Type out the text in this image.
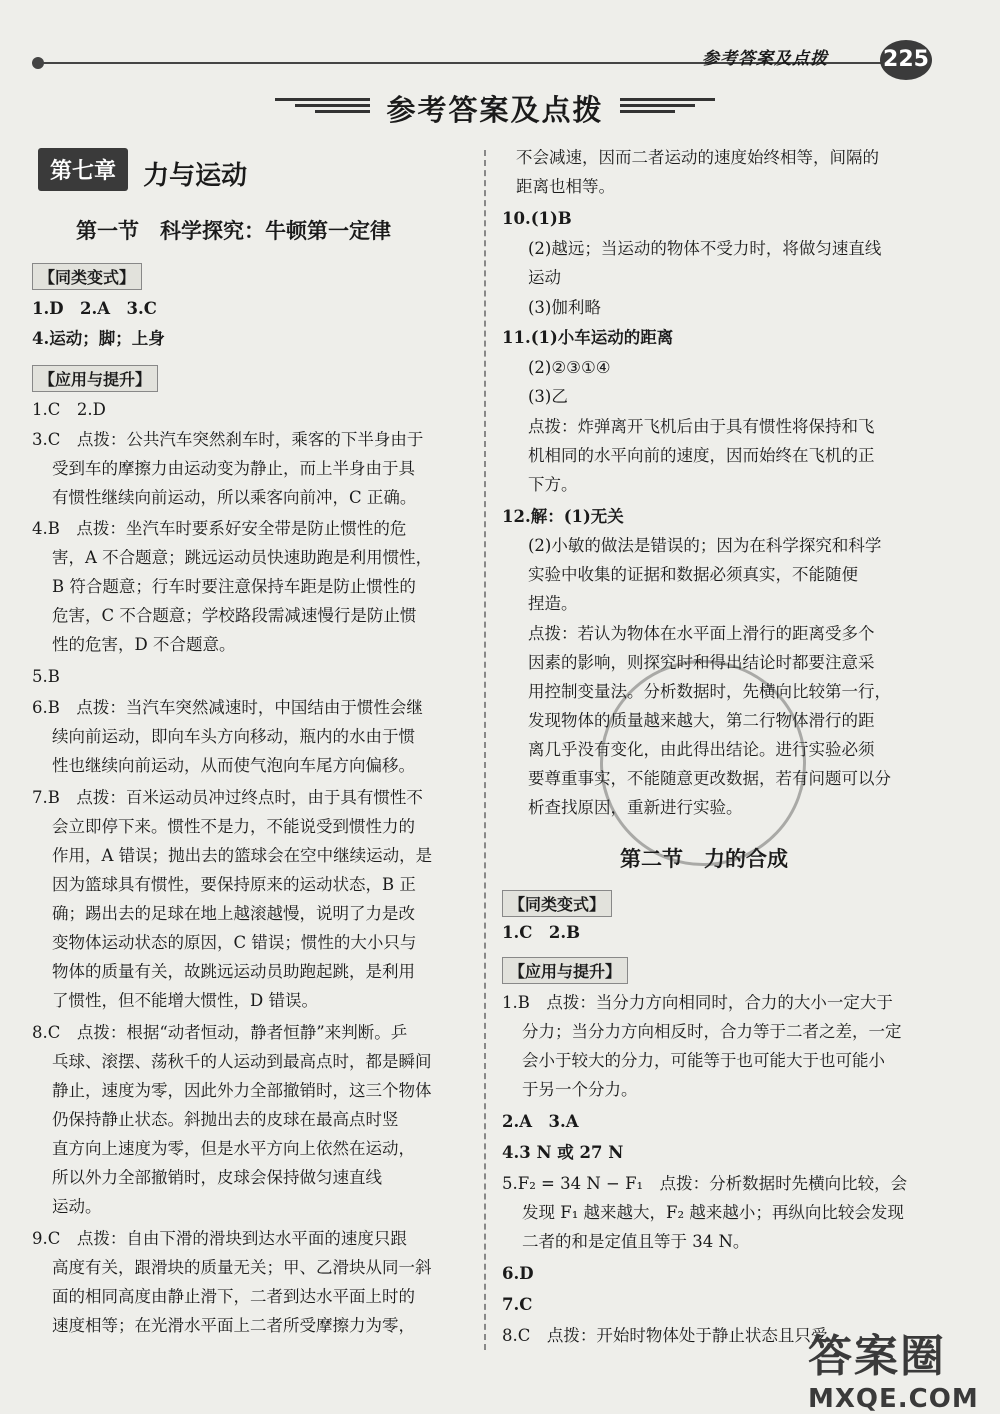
参考答案及点拨	225
参考答案及点拨
第七章 力与运动
第一节　科学探究：牛顿第一定律
【同类变式】
1.D　2.A　3.C
4.运动；脚；上身
【应用与提升】
1.C　2.D
3.C　点拨：公共汽车突然刹车时，乘客的下半身由于
受到车的摩擦力由运动变为静止，而上半身由于具
有惯性继续向前运动，所以乘客向前冲，C 正确。
4.B　点拨：坐汽车时要系好安全带是防止惯性的危
害，A 不合题意；跳远运动员快速助跑是利用惯性，
B 符合题意；行车时要注意保持车距是防止惯性的
危害，C 不合题意；学校路段需减速慢行是防止惯
性的危害，D 不合题意。
5.B
6.B　点拨：当汽车突然减速时，中国结由于惯性会继
续向前运动，即向车头方向移动，瓶内的水由于惯
性也继续向前运动，从而使气泡向车尾方向偏移。
7.B　点拨：百米运动员冲过终点时，由于具有惯性不
会立即停下来。惯性不是力，不能说受到惯性力的
作用，A 错误；抛出去的篮球会在空中继续运动，是
因为篮球具有惯性，要保持原来的运动状态，B 正
确；踢出去的足球在地上越滚越慢，说明了力是改
变物体运动状态的原因，C 错误；惯性的大小只与
物体的质量有关，故跳远运动员助跑起跳，是利用
了惯性，但不能增大惯性，D 错误。
8.C　点拨：根据“动者恒动，静者恒静”来判断。乒
乓球、滚摆、荡秋千的人运动到最高点时，都是瞬间
静止，速度为零，因此外力全部撤销时，这三个物体
仍保持静止状态。斜抛出去的皮球在最高点时竖
直方向上速度为零，但是水平方向上依然在运动，
所以外力全部撤销时，皮球会保持做匀速直线
运动。
9.C　点拨：自由下滑的滑块到达水平面的速度只跟
高度有关，跟滑块的质量无关；甲、乙滑块从同一斜
面的相同高度由静止滑下，二者到达水平面上时的
速度相等；在光滑水平面上二者所受摩擦力为零，
不会减速，因而二者运动的速度始终相等，间隔的
距离也相等。
10.(1)B
(2)越远；当运动的物体不受力时，将做匀速直线
运动
(3)伽利略
11.(1)小车运动的距离
(2)②③①④
(3)乙
点拨：炸弹离开飞机后由于具有惯性将保持和飞
机相同的水平向前的速度，因而始终在飞机的正
下方。
12.解：(1)无关
(2)小敏的做法是错误的；因为在科学探究和科学
实验中收集的证据和数据必须真实，不能随便
捏造。
点拨：若认为物体在水平面上滑行的距离受多个
因素的影响，则探究时和得出结论时都要注意采
用控制变量法。分析数据时，先横向比较第一行，
发现物体的质量越来越大，第二行物体滑行的距
离几乎没有变化，由此得出结论。进行实验必须
要尊重事实，不能随意更改数据，若有问题可以分
析查找原因，重新进行实验。
第二节　力的合成
【同类变式】
1.C　2.B
【应用与提升】
1.B　点拨：当分力方向相同时，合力的大小一定大于
分力；当分力方向相反时，合力等于二者之差，一定
会小于较大的分力，可能等于也可能大于也可能小
于另一个分力。
2.A　3.A
4.3 N 或 27 N
5.F₂ = 34 N − F₁　点拨：分析数据时先横向比较，会
发现 F₁ 越来越大，F₂ 越来越小；再纵向比较会发现
二者的和是定值且等于 34 N。
6.D
7.C
8.C　点拨：开始时物体处于静止状态且只受
答案圈
MXQE.COM
